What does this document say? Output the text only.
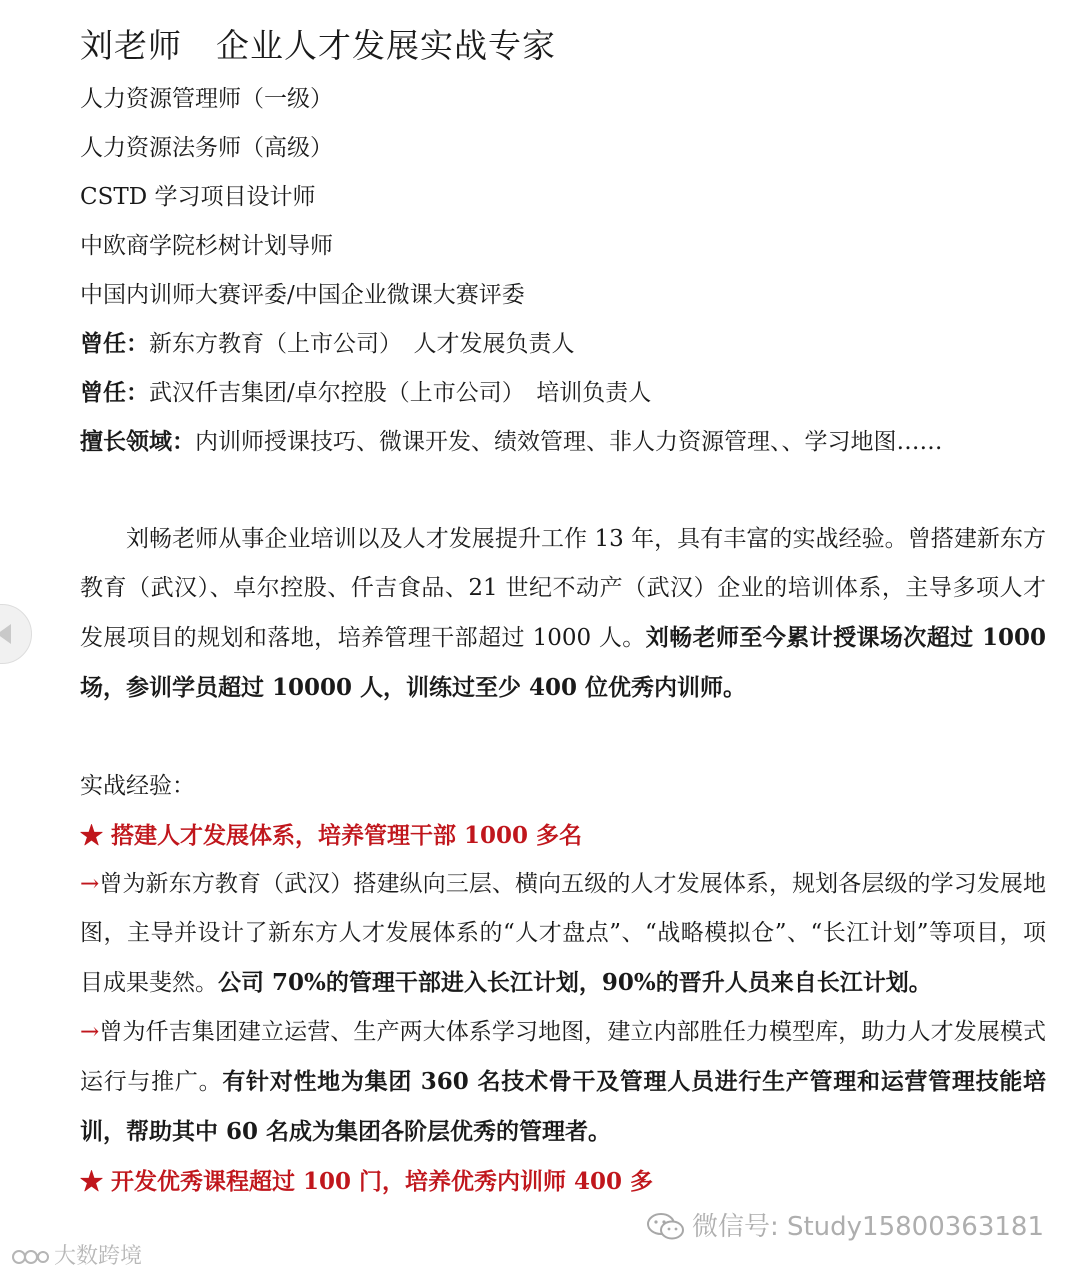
刘老师 企业人才发展实战专家
人力资源管理师（一级）
人力资源法务师（高级）
CSTD 学习项目设计师
中欧商学院杉树计划导师
中国内训师大赛评委/中国企业微课大赛评委
曾任：新东方教育（上市公司）　人才发展负责人
曾任：武汉仟吉集团/卓尔控股（上市公司）　培训负责人
擅长领域：内训师授课技巧、微课开发、绩效管理、非人力资源管理、、学习地图……
刘畅老师从事企业培训以及人才发展提升工作 13 年，具有丰富的实战经验。曾搭建新东方教育（武汉）、卓尔控股、仟吉食品、21 世纪不动产（武汉）企业的培训体系，主导多项人才发展项目的规划和落地，培养管理干部超过 1000 人。刘畅老师至今累计授课场次超过 1000 场，参训学员超过 10000 人，训练过至少 400 位优秀内训师。
实战经验：
★ 搭建人才发展体系，培养管理干部 1000 多名
→曾为新东方教育（武汉）搭建纵向三层、横向五级的人才发展体系，规划各层级的学习发展地图，主导并设计了新东方人才发展体系的“人才盘点”、“战略模拟仓”、“长江计划”等项目，项目成果斐然。公司 70%的管理干部进入长江计划，90%的晋升人员来自长江计划。
→曾为仟吉集团建立运营、生产两大体系学习地图，建立内部胜任力模型库，助力人才发展模式运行与推广。有针对性地为集团 360 名技术骨干及管理人员进行生产管理和运营管理技能培训，帮助其中 60 名成为集团各阶层优秀的管理者。
★ 开发优秀课程超过 100 门，培养优秀内训师 400 多
微信号: Study15800363181
大数跨境
